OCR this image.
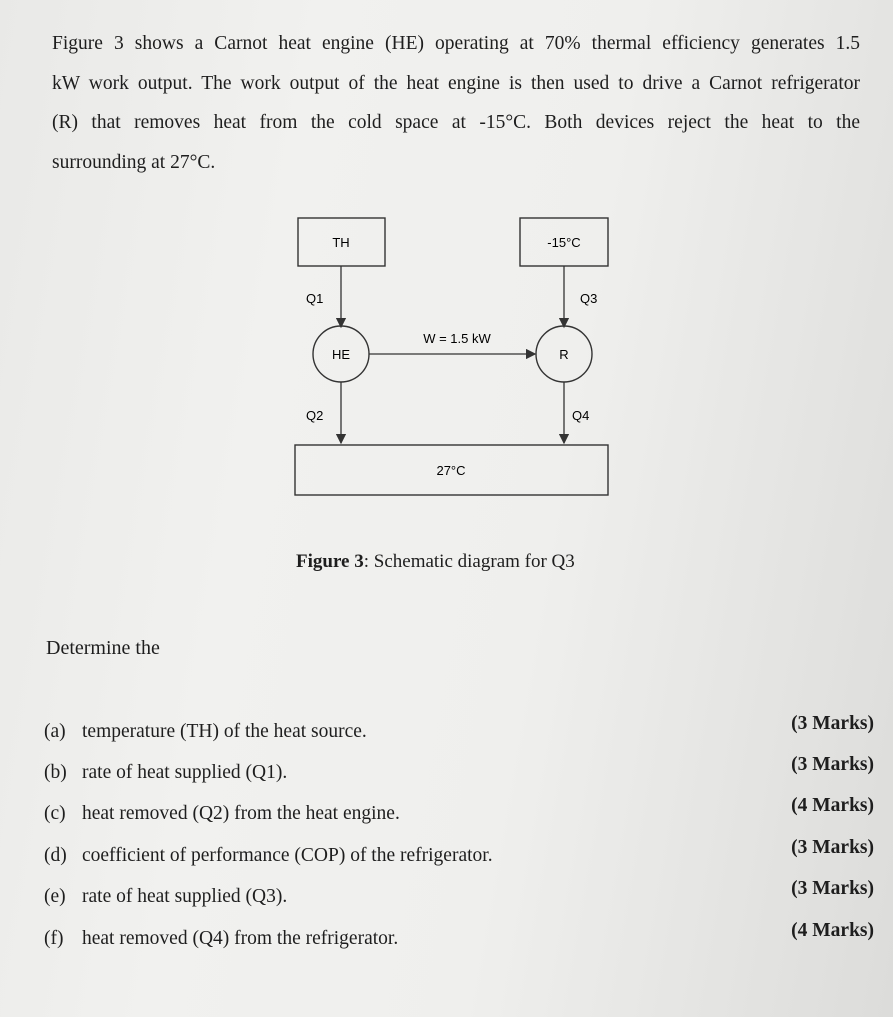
Figure 3 shows a Carnot heat engine (HE) operating at 70% thermal efficiency generates 1.5
kW work output. The work output of the heat engine is then used to drive a Carnot refrigerator
(R) that removes heat from the cold space at -15°C. Both devices reject the heat to the
surrounding at 27°C.
TH	-15°C
Q1
HE
W = 1.5 kW
Q3
R
Q2	Q4
27°C
Figure 3: Schematic diagram for Q3
Determine the
(a) temperature (TH) of the heat source.	(3 Marks)
(b) rate of heat supplied (Q1).	(3 Marks)
(c) heat removed (Q2) from the heat engine.	(4 Marks)
(d) coefficient of performance (COP) of the refrigerator.	(3 Marks)
(e) rate of heat supplied (Q3).	(3 Marks)
(f) heat removed (Q4) from the refrigerator.	(4 Marks)
